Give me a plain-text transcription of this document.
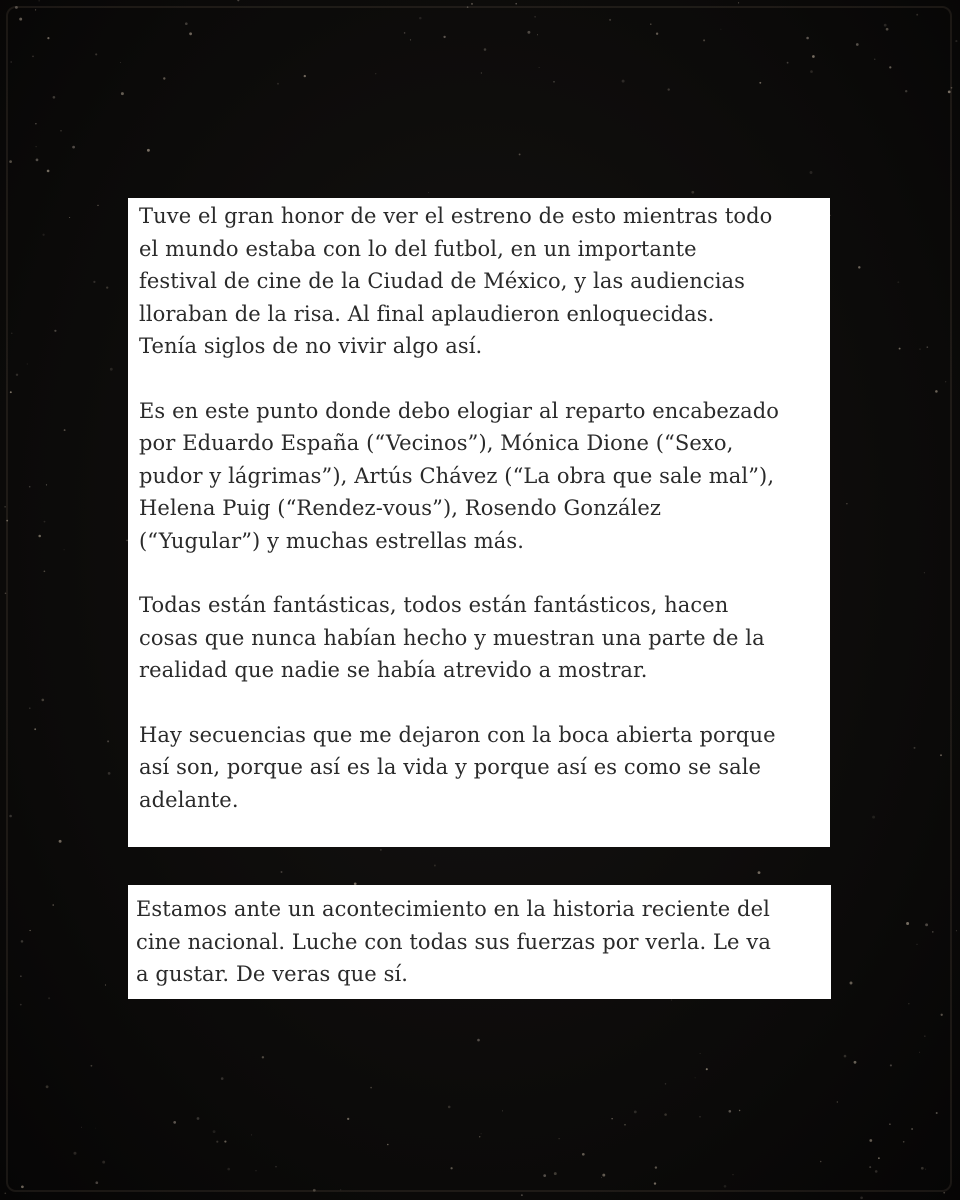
Tuve el gran honor de ver el estreno de esto mientras todo
el mundo estaba con lo del futbol, en un importante
festival de cine de la Ciudad de México, y las audiencias
lloraban de la risa. Al final aplaudieron enloquecidas.
Tenía siglos de no vivir algo así.

Es en este punto donde debo elogiar al reparto encabezado
por Eduardo España (“Vecinos”), Mónica Dione (“Sexo,
pudor y lágrimas”), Artús Chávez (“La obra que sale mal”),
Helena Puig (“Rendez-vous”), Rosendo González
(“Yugular”) y muchas estrellas más.

Todas están fantásticas, todos están fantásticos, hacen
cosas que nunca habían hecho y muestran una parte de la
realidad que nadie se había atrevido a mostrar.

Hay secuencias que me dejaron con la boca abierta porque
así son, porque así es la vida y porque así es como se sale
adelante.

Estamos ante un acontecimiento en la historia reciente del
cine nacional. Luche con todas sus fuerzas por verla. Le va
a gustar. De veras que sí.
